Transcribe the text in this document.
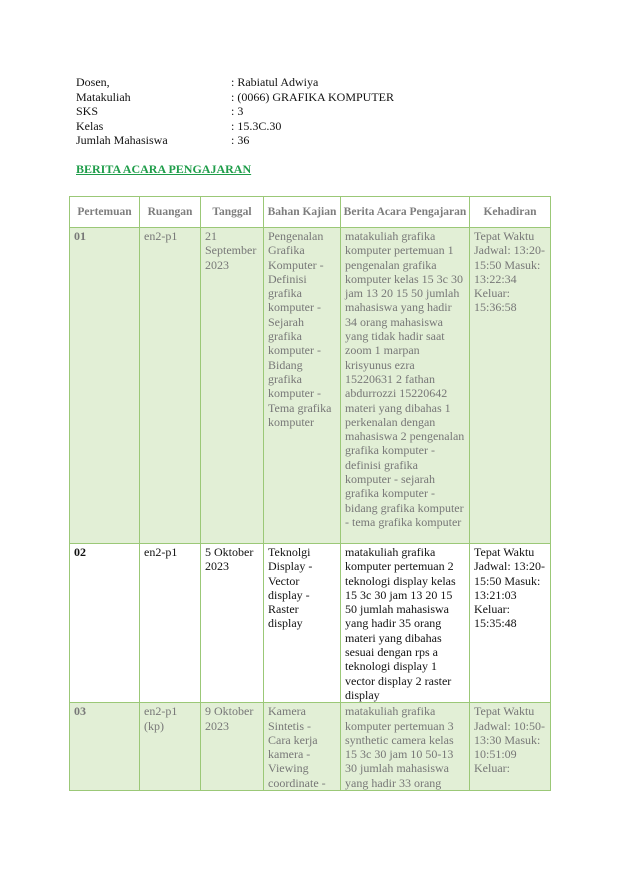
Dosen,	: Rabiatul Adwiya
Matakuliah	: (0066) GRAFIKA KOMPUTER
SKS	: 3
Kelas	: 15.3C.30
Jumlah Mahasiswa	: 36
BERITA ACARA PENGAJARAN
Pertemuan	Ruangan	Tanggal	Bahan Kajian	Berita Acara Pengajaran	Kehadiran

01	en2-p1	21 September 2023	Pengenalan Grafika Komputer - Definisi grafika komputer - Sejarah grafika komputer - Bidang grafika komputer - Tema grafika komputer	matakuliah grafika komputer pertemuan 1 pengenalan grafika komputer kelas 15 3c 30 jam 13 20 15 50 jumlah mahasiswa yang hadir 34 orang mahasiswa yang tidak hadir saat zoom 1 marpan krisyunus ezra 15220631 2 fathan abdurrozzi 15220642 materi yang dibahas 1 perkenalan dengan mahasiswa 2 pengenalan grafika komputer - definisi grafika komputer - sejarah grafika komputer - bidang grafika komputer - tema grafika komputer	Tepat Waktu Jadwal: 13:20-15:50 Masuk: 13:22:34 Keluar: 15:36:58

02	en2-p1	5 Oktober 2023	Teknolgi Display - Vector display - Raster display	matakuliah grafika komputer pertemuan 2 teknologi display kelas 15 3c 30 jam 13 20 15 50 jumlah mahasiswa yang hadir 35 orang materi yang dibahas sesuai dengan rps a teknologi display 1 vector display 2 raster display	Tepat Waktu Jadwal: 13:20-15:50 Masuk: 13:21:03 Keluar: 15:35:48

03	en2-p1 (kp)	9 Oktober 2023	Kamera Sintetis - Cara kerja kamera - Viewing coordinate -	matakuliah grafika komputer pertemuan 3 synthetic camera kelas 15 3c 30 jam 10 50-13 30 jumlah mahasiswa yang hadir 33 orang	Tepat Waktu Jadwal: 10:50-13:30 Masuk: 10:51:09 Keluar:
